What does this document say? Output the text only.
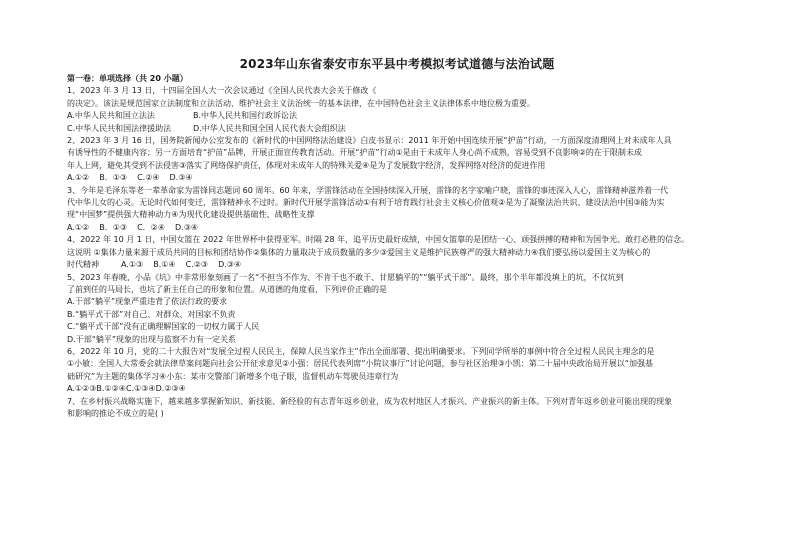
2023年山东省泰安市东平县中考模拟考试道德与法治试题

第一卷：单项选择（共 20 小题）

1、2023 年 3 月 13 日，十四届全国人大一次会议通过《全国人民代表大会关于修改《

的决定》。该法是规范国家立法制度和立法活动、维护社会主义法治统一的基本法律，在中国特色社会主义法律体系中地位极为重要。

A.中华人民共和国立法法	B.中华人民共和国行政诉讼法
C.中华人民共和国法律援助法	D.中华人民共和国全国人民代表大会组织法

2、2023 年 3 月 16 日，国务院新闻办公室发布的《新时代的中国网络法治建设》白皮书显示：2011 年开始中国连续开展“护苗”行动，一方面深度清理网上对未成年人具

有诱导性的不健康内容；另一方面培育“护苗”品牌，开展正面宣传教育活动。开展“护苗”行动①是由于未成年人身心尚不成熟，容易受到不良影响②的在于限制未成

年人上网，避免其受到不法侵害③落实了网络保护责任，体现对未成年人的特殊关爱④是为了发展数字经济，发挥网络对经济的促进作用

A.①② B．①③ C.②④ D.③④

3、今年是毛泽东等老一辈革命家为雷锋同志题词 60 周年。60 年来，学雷锋活动在全国持续深入开展，雷锋的名字家喻户晓，雷锋的事迹深入人心，雷锋精神滋养着一代

代中华儿女的心灵。无论时代如何变迁，雷锋精神永不过时。新时代开展学雷锋活动①有利于培育践行社会主义核心价值观②是为了凝聚法治共识、建设法治中国③能为实

现“中国梦”提供强大精神动力④为现代化建设提供基础性、战略性支撑

A.①② B．①③ C．②④ D.③④

4、2022 年 10 月 1 日，中国女篮在 2022 年世界杯中获得亚军。时隔 28 年，追平历史最好成绩，中国女篮靠的是团结一心、顽强拼搏的精神和为国争光、敢打必胜的信念。

这说明 ①集体力量来源于成员共同的目标和团结协作②集体的力量取决于成员数量的多少③爱国主义是维护民族尊严的强大精神动力④我们要弘扬以爱国主义为核心的

时代精神	A.①③ B.①④ C.②③ D.③④

5、2023 年春晚，小品《坑》中非常形象刻画了一名“不担当不作为、不肯干也不敢干、甘愿躺平的”“躺平式干部”。最终，那个半年都没填上的坑，不仅坑到

了前到任的马局长，也坑了新主任自己的形象和位置。从道德的角度看，下列评价正确的是

A.干部“躺平”现象严重违背了依法行政的要求

B.“躺平式干部”对自己、对群众、对国家不负责

C.“躺平式干部”没有正确理解国家的一切权力属于人民

D.干部“躺平”现象的出现与监察不力有一定关系

6、2022 年 10 月，党的二十大报告对“发展全过程人民民主，保障人民当家作主”作出全面部署、提出明确要求。下列同学所举的事例中符合全过程人民民主理念的是

①小敏：全国人大常委会就法律草案问题向社会公开征求意见②小强：居民代表列席“小院议事厅”讨论问题，参与社区治理③小凯：第二十届中央政治局开展以“加强基

础研究”为主题的集体学习④小东：某市交警部门新增多个电子眼，监督机动车驾驶员违章行为

A.①②③ B.①②④ C.①③④ D.②③④

7、在乡村振兴战略实施下，越来越多掌握新知识、新技能、新经验的有志青年返乡创业，成为农村地区人才振兴、产业振兴的新主体。下列对青年返乡创业可能出现的现象

和影响的推论不成立的是( )
